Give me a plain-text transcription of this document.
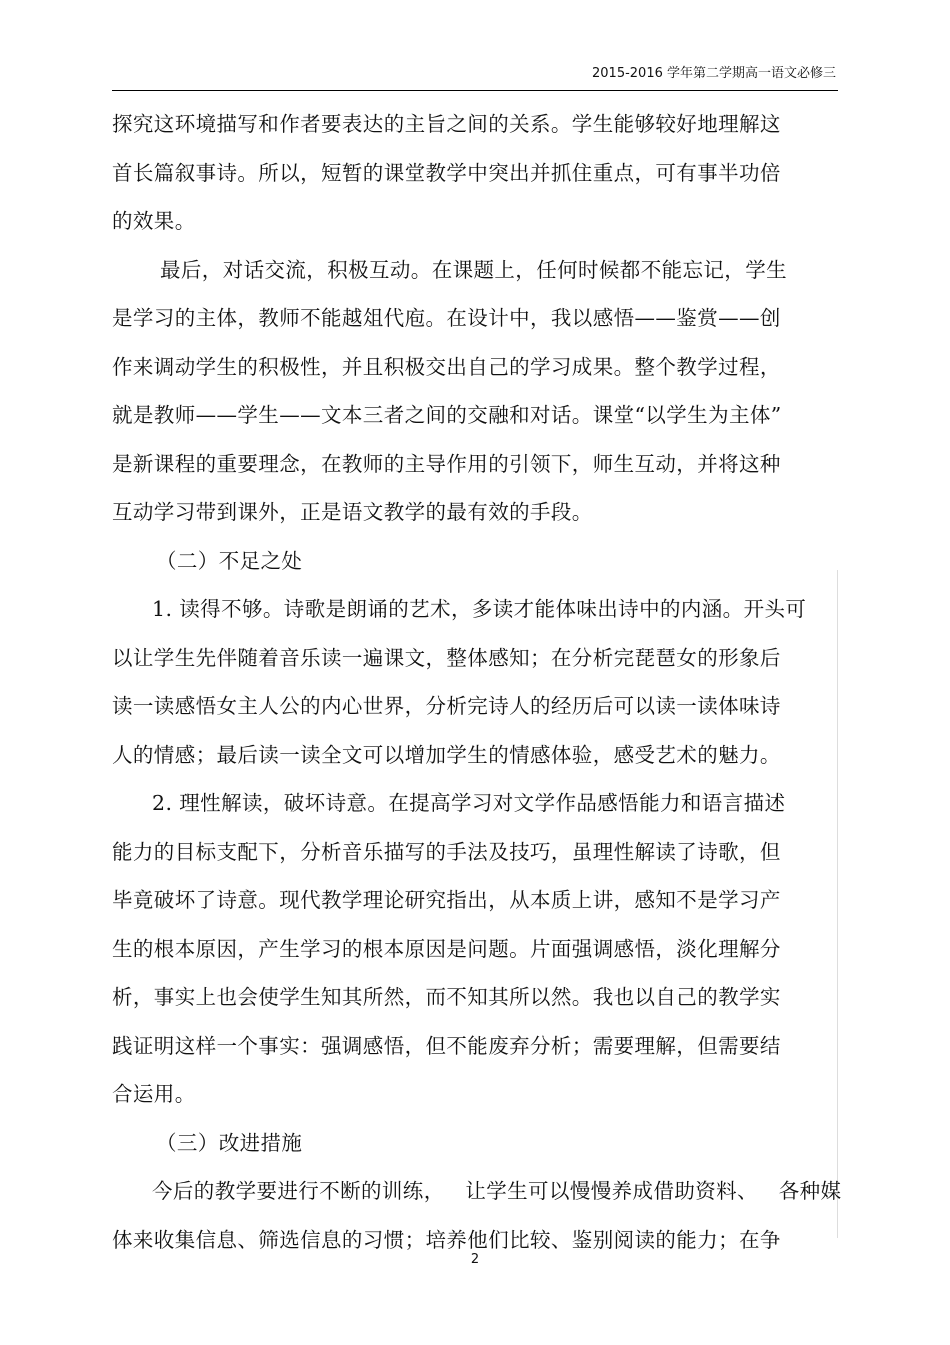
2015-2016 学年第二学期高一语文必修三
探究这环境描写和作者要表达的主旨之间的关系。学生能够较好地理解这
首长篇叙事诗。所以，短暂的课堂教学中突出并抓住重点，可有事半功倍
的效果。
最后，对话交流，积极互动。在课题上，任何时候都不能忘记，学生
是学习的主体，教师不能越俎代庖。在设计中，我以感悟——鉴赏——创
作来调动学生的积极性，并且积极交出自己的学习成果。整个教学过程，
就是教师——学生——文本三者之间的交融和对话。课堂“以学生为主体”
是新课程的重要理念，在教师的主导作用的引领下，师生互动，并将这种
互动学习带到课外，正是语文教学的最有效的手段。
（二）不足之处
1. 读得不够。诗歌是朗诵的艺术，多读才能体味出诗中的内涵。开头可
以让学生先伴随着音乐读一遍课文，整体感知；在分析完琵琶女的形象后
读一读感悟女主人公的内心世界，分析完诗人的经历后可以读一读体味诗
人的情感；最后读一读全文可以增加学生的情感体验，感受艺术的魅力。
2. 理性解读，破坏诗意。在提高学习对文学作品感悟能力和语言描述
能力的目标支配下，分析音乐描写的手法及技巧，虽理性解读了诗歌，但
毕竟破坏了诗意。现代教学理论研究指出，从本质上讲，感知不是学习产
生的根本原因，产生学习的根本原因是问题。片面强调感悟，淡化理解分
析，事实上也会使学生知其所然，而不知其所以然。我也以自己的教学实
践证明这样一个事实：强调感悟，但不能废弃分析；需要理解，但需要结
合运用。
（三）改进措施
今后的教学要进行不断的训练，   让学生可以慢慢养成借助资料、   各种媒
体来收集信息、筛选信息的习惯；培养他们比较、鉴别阅读的能力；在争
2
